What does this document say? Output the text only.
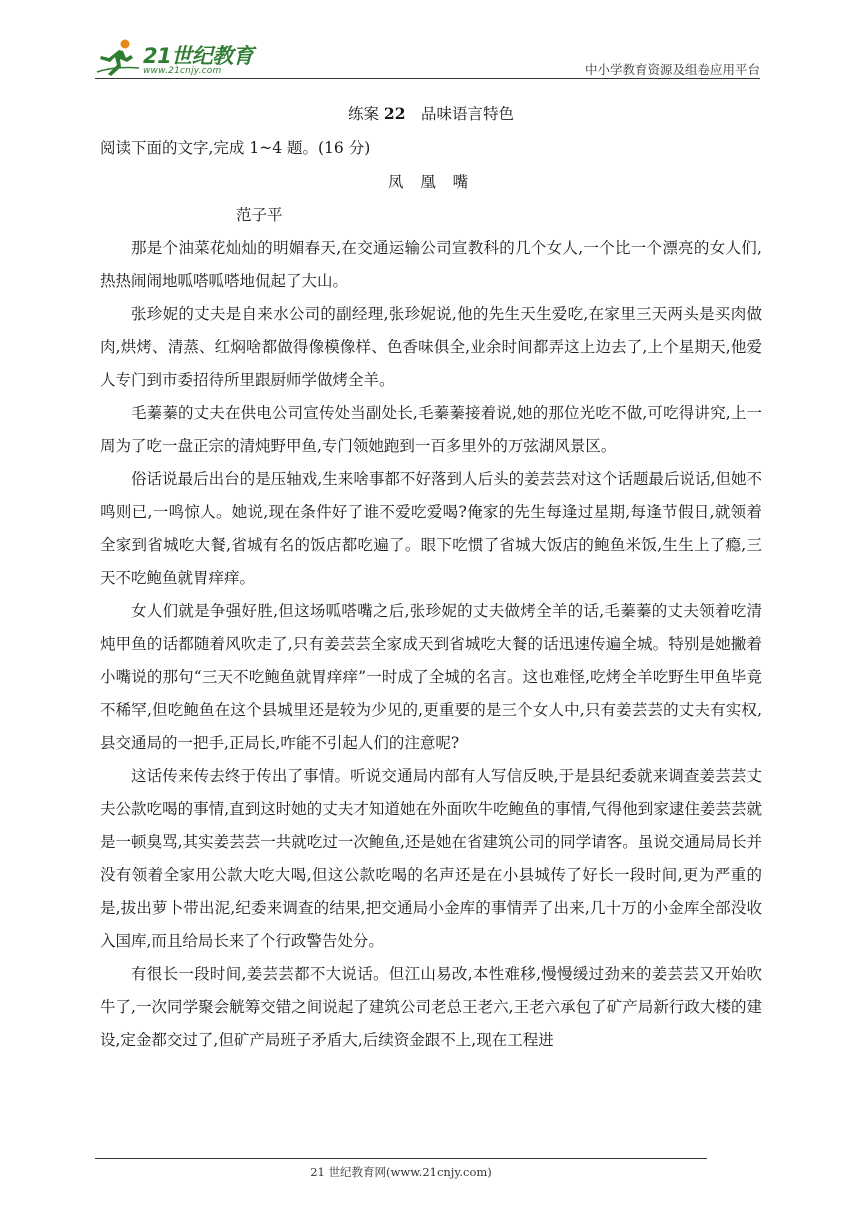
21世纪教育
www.21cnjy.com	中小学教育资源及组卷应用平台

练案 22  品味语言特色

阅读下面的文字,完成 1~4 题。(16 分)

凤 凰 嘴

范子平

那是个油菜花灿灿的明媚春天,在交通运输公司宣教科的几个女人,一个比一个漂亮的女人们,热热闹闹地呱嗒呱嗒地侃起了大山。

张珍妮的丈夫是自来水公司的副经理,张珍妮说,他的先生天生爱吃,在家里三天两头是买肉做肉,烘烤、清蒸、红焖啥都做得像模像样、色香味俱全,业余时间都弄这上边去了,上个星期天,他爱人专门到市委招待所里跟厨师学做烤全羊。

毛蓁蓁的丈夫在供电公司宣传处当副处长,毛蓁蓁接着说,她的那位光吃不做,可吃得讲究,上一周为了吃一盘正宗的清炖野甲鱼,专门领她跑到一百多里外的万弦湖风景区。

俗话说最后出台的是压轴戏,生来啥事都不好落到人后头的姜芸芸对这个话题最后说话,但她不鸣则已,一鸣惊人。她说,现在条件好了谁不爱吃爱喝?俺家的先生每逢过星期,每逢节假日,就领着全家到省城吃大餐,省城有名的饭店都吃遍了。眼下吃惯了省城大饭店的鲍鱼米饭,生生上了瘾,三天不吃鲍鱼就胃痒痒。

女人们就是争强好胜,但这场呱嗒嘴之后,张珍妮的丈夫做烤全羊的话,毛蓁蓁的丈夫领着吃清炖甲鱼的话都随着风吹走了,只有姜芸芸全家成天到省城吃大餐的话迅速传遍全城。特别是她撇着小嘴说的那句“三天不吃鲍鱼就胃痒痒”一时成了全城的名言。这也难怪,吃烤全羊吃野生甲鱼毕竟不稀罕,但吃鲍鱼在这个县城里还是较为少见的,更重要的是三个女人中,只有姜芸芸的丈夫有实权,县交通局的一把手,正局长,咋能不引起人们的注意呢?

这话传来传去终于传出了事情。听说交通局内部有人写信反映,于是县纪委就来调查姜芸芸丈夫公款吃喝的事情,直到这时她的丈夫才知道她在外面吹牛吃鲍鱼的事情,气得他到家逮住姜芸芸就是一顿臭骂,其实姜芸芸一共就吃过一次鲍鱼,还是她在省建筑公司的同学请客。虽说交通局局长并没有领着全家用公款大吃大喝,但这公款吃喝的名声还是在小县城传了好长一段时间,更为严重的是,拔出萝卜带出泥,纪委来调查的结果,把交通局小金库的事情弄了出来,几十万的小金库全部没收入国库,而且给局长来了个行政警告处分。

有很长一段时间,姜芸芸都不大说话。但江山易改,本性难移,慢慢缓过劲来的姜芸芸又开始吹牛了,一次同学聚会觥筹交错之间说起了建筑公司老总王老六,王老六承包了矿产局新行政大楼的建设,定金都交过了,但矿产局班子矛盾大,后续资金跟不上,现在工程进

21 世纪教育网(www.21cnjy.com)
